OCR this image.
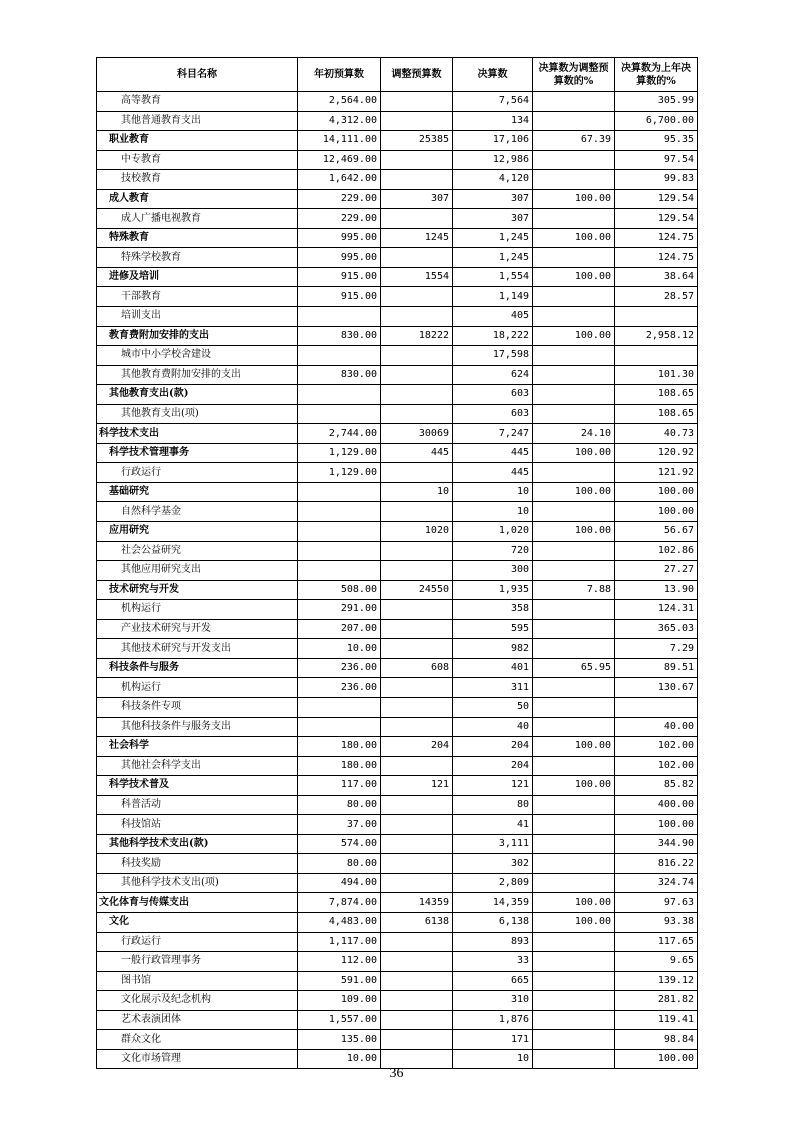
科目名称	年初预算数	调整预算数	决算数	决算数为调整预算数的%	决算数为上年决算数的%
高等教育	2,564.00		7,564		305.99
其他普通教育支出	4,312.00		134		6,700.00
职业教育	14,111.00	25385	17,106	67.39	95.35
中专教育	12,469.00		12,986		97.54
技校教育	1,642.00		4,120		99.83
成人教育	229.00	307	307	100.00	129.54
成人广播电视教育	229.00		307		129.54
特殊教育	995.00	1245	1,245	100.00	124.75
特殊学校教育	995.00		1,245		124.75
进修及培训	915.00	1554	1,554	100.00	38.64
干部教育	915.00		1,149		28.57
培训支出			405		
教育费附加安排的支出	830.00	18222	18,222	100.00	2,958.12
城市中小学校舍建设			17,598		
其他教育费附加安排的支出	830.00		624		101.30
其他教育支出(款)			603		108.65
其他教育支出(项)			603		108.65
科学技术支出	2,744.00	30069	7,247	24.10	40.73
科学技术管理事务	1,129.00	445	445	100.00	120.92
行政运行	1,129.00		445		121.92
基础研究		10	10	100.00	100.00
自然科学基金			10		100.00
应用研究		1020	1,020	100.00	56.67
社会公益研究			720		102.86
其他应用研究支出			300		27.27
技术研究与开发	508.00	24550	1,935	7.88	13.90
机构运行	291.00		358		124.31
产业技术研究与开发	207.00		595		365.03
其他技术研究与开发支出	10.00		982		7.29
科技条件与服务	236.00	608	401	65.95	89.51
机构运行	236.00		311		130.67
科技条件专项			50		
其他科技条件与服务支出			40		40.00
社会科学	180.00	204	204	100.00	102.00
其他社会科学支出	180.00		204		102.00
科学技术普及	117.00	121	121	100.00	85.82
科普活动	80.00		80		400.00
科技馆站	37.00		41		100.00
其他科学技术支出(款)	574.00		3,111		344.90
科技奖励	80.00		302		816.22
其他科学技术支出(项)	494.00		2,809		324.74
文化体育与传媒支出	7,874.00	14359	14,359	100.00	97.63
文化	4,483.00	6138	6,138	100.00	93.38
行政运行	1,117.00		893		117.65
一般行政管理事务	112.00		33		9.65
图书馆	591.00		665		139.12
文化展示及纪念机构	109.00		310		281.82
艺术表演团体	1,557.00		1,876		119.41
群众文化	135.00		171		98.84
文化市场管理	10.00		10		100.00
36
